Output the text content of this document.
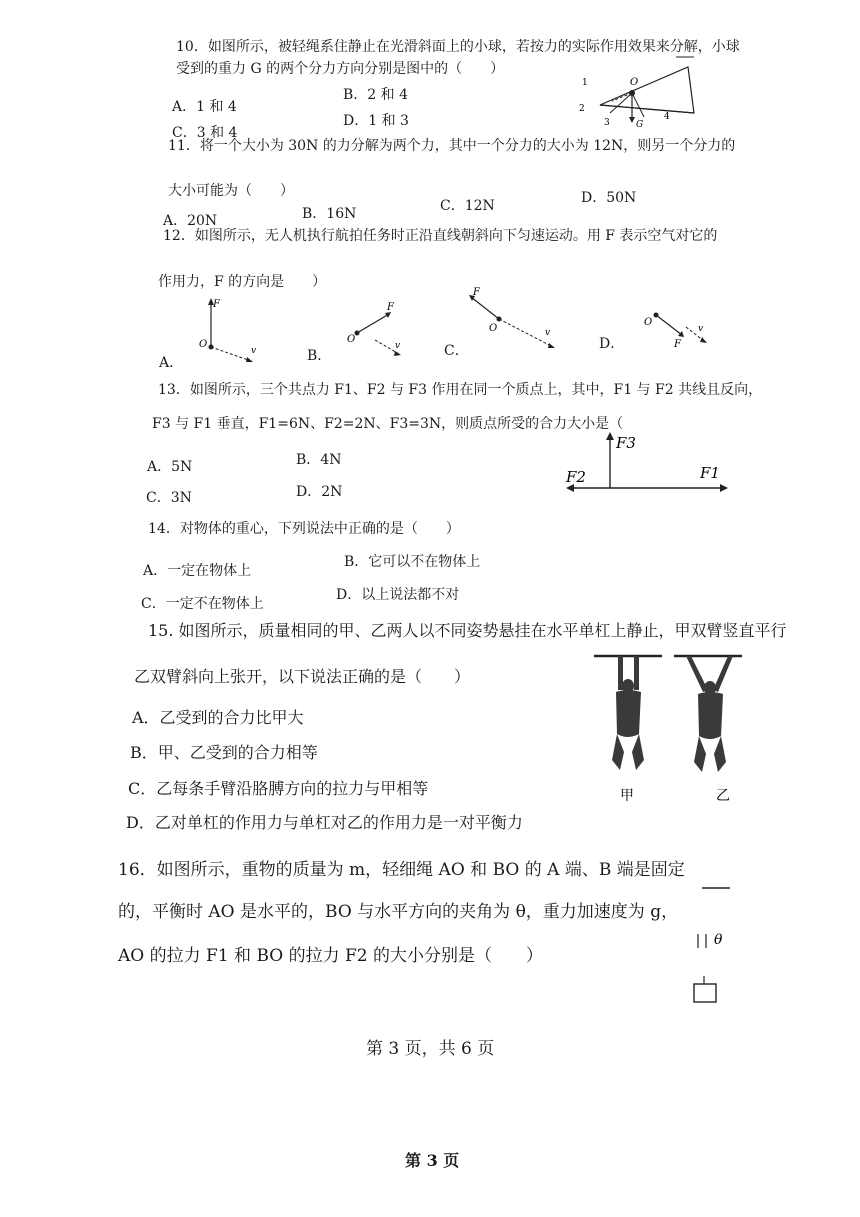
10．如图所示，被轻绳系住静止在光滑斜面上的小球，若按力的实际作用效果来分解，小球
受到的重力 G 的两个分力方向分别是图中的（　　）
A．1 和 4
B．2 和 4
C．3 和 4
D．1 和 3
1
2
3
4
O
G
11．将一个大小为 30N 的力分解为两个力，其中一个分力的大小为 12N，则另一个分力的
大小可能为（　　）
A．20N	B．16N	C．12N	D．50N
12．如图所示，无人机执行航拍任务时正沿直线朝斜向下匀速运动。用 F 表示空气对它的
作用力，F 的方向是　　）
A．	B．	C．	D．
F
O
v
F
O
v
F
O	v
O
F
v
13．如图所示，三个共点力 F1、F2 与 F3 作用在同一个质点上，其中，F1 与 F2 共线且反向，
F3 与 F1 垂直，F1=6N、F2=2N、F3=3N，则质点所受的合力大小是（
A．5N	B．4N
C．3N	D．2N
F3
F2	F1
14．对物体的重心，下列说法中正确的是（　　）
A．一定在物体上
B．它可以不在物体上
C．一定不在物体上
D．以上说法都不对
15. 如图所示，质量相同的甲、乙两人以不同姿势悬挂在水平单杠上静止，甲双臂竖直平行
乙双臂斜向上张开，以下说法正确的是（　　）
A．乙受到的合力比甲大
B．甲、乙受到的合力相等
C．乙每条手臂沿胳膊方向的拉力与甲相等
D．乙对单杠的作用力与单杠对乙的作用力是一对平衡力
甲	乙
16．如图所示，重物的质量为 m，轻细绳 AO 和 BO 的 A 端、B 端是固定
的，平衡时 AO 是水平的，BO 与水平方向的夹角为 θ，重力加速度为 g，
AO 的拉力 F1 和 BO 的拉力 F2 的大小分别是（　　）
θ
第 3 页，共 6 页
第 3 页
